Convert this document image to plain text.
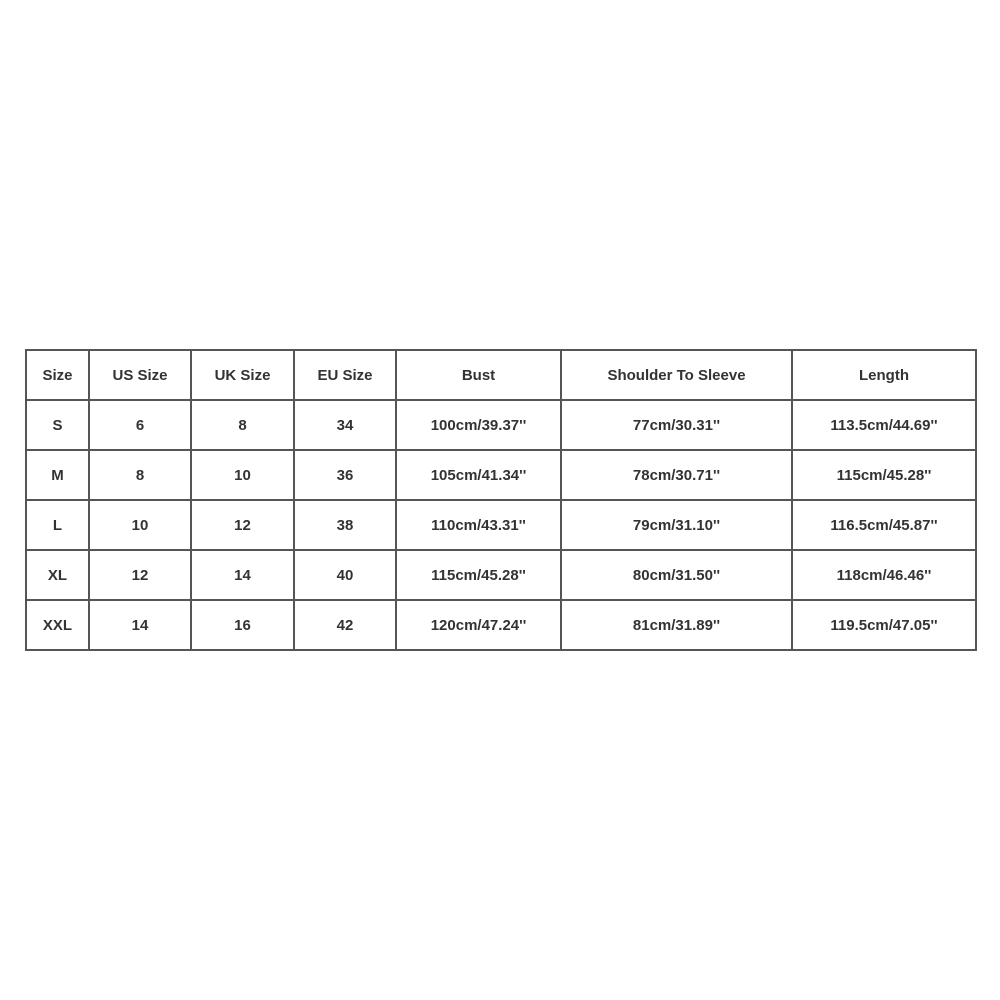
Size	US Size	UK Size	EU Size	Bust	Shoulder To Sleeve	Length
S	6	8	34	100cm/39.37''	77cm/30.31''	113.5cm/44.69''
M	8	10	36	105cm/41.34''	78cm/30.71''	115cm/45.28''
L	10	12	38	110cm/43.31''	79cm/31.10''	116.5cm/45.87''
XL	12	14	40	115cm/45.28''	80cm/31.50''	118cm/46.46''
XXL	14	16	42	120cm/47.24''	81cm/31.89''	119.5cm/47.05''
